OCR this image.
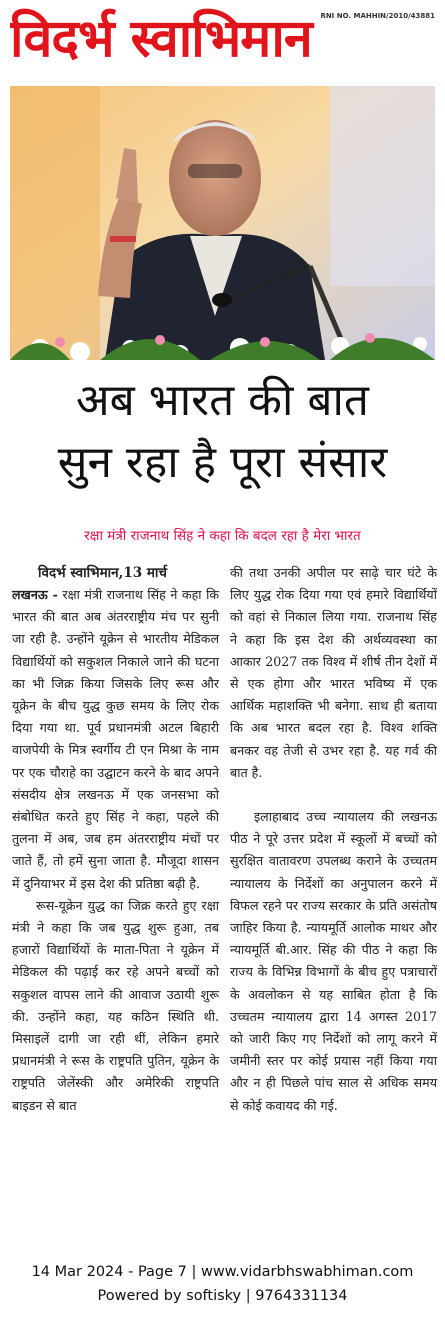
विदर्भ स्वाभिमान	RNI NO. MAHHIN/2010/43881
अब भारत की बात
सुन रहा है पूरा संसार
रक्षा मंत्री राजनाथ सिंह ने कहा कि बदल रहा है मेरा भारत
विदर्भ स्वाभिमान,13 मार्च

लखनऊ - रक्षा मंत्री राजनाथ सिंह ने कहा कि भारत की बात अब अंतरराष्ट्रीय मंच पर सुनी जा रही है. उन्होंने यूक्रेन से भारतीय मेडिकल विद्यार्थियों को सकुशल निकाले जाने की घटना का भी जिक्र किया जिसके लिए रूस और यूक्रेन के बीच युद्ध कुछ समय के लिए रोक दिया गया था. पूर्व प्रधानमंत्री अटल बिहारी वाजपेयी के मित्र स्वर्गीय टी एन मिश्रा के नाम पर एक चौराहे का उद्घाटन करने के बाद अपने संसदीय क्षेत्र लखनऊ में एक जनसभा को संबोधित करते हुए सिंह ने कहा, पहले की तुलना में अब, जब हम अंतरराष्ट्रीय मंचों पर जाते हैं, तो हमें सुना जाता है. मौजूदा शासन में दुनियाभर में इस देश की प्रतिष्ठा बढ़ी है.

रूस-यूक्रेन युद्ध का जिक्र करते हुए रक्षा मंत्री ने कहा कि जब युद्ध शुरू हुआ, तब हजारों विद्यार्थियों के माता-पिता ने यूक्रेन में मेडिकल की पढ़ाई कर रहे अपने बच्चों को सकुशल वापस लाने की आवाज उठायी शुरू की. उन्होंने कहा, यह कठिन स्थिति थी. मिसाइलें दागी जा रही थीं, लेकिन हमारे प्रधानमंत्री ने रूस के राष्ट्रपति पुतिन, यूक्रेन के राष्ट्रपति जेलेंस्की और अमेरिकी राष्ट्रपति बाइडन से बात

की तथा उनकी अपील पर साढ़े चार घंटे के लिए युद्ध रोक दिया गया एवं हमारे विद्यार्थियों को वहां से निकाल लिया गया. राजनाथ सिंह ने कहा कि इस देश की अर्थव्यवस्था का आकार 2027 तक विश्व में शीर्ष तीन देशों में से एक होगा और भारत भविष्य में एक आर्थिक महाशक्ति भी बनेगा. साथ ही बताया कि अब भारत बदल रहा है. विश्व शक्ति बनकर वह तेजी से उभर रहा है. यह गर्व की बात है.

इलाहाबाद उच्च न्यायालय की लखनऊ पीठ ने पूरे उत्तर प्रदेश में स्कूलों में बच्चों को सुरक्षित वातावरण उपलब्ध कराने के उच्चतम न्यायालय के निर्देशों का अनुपालन करने में विफल रहने पर राज्य सरकार के प्रति असंतोष जाहिर किया है. न्यायमूर्ति आलोक माथर और न्यायमूर्ति बी.आर. सिंह की पीठ ने कहा कि राज्य के विभिन्न विभागों के बीच हुए पत्राचारों के अवलोकन से यह साबित होता है कि उच्चतम न्यायालय द्वारा 14 अगस्त 2017 को जारी किए गए निर्देशों को लागू करने में जमीनी स्तर पर कोई प्रयास नहीं किया गया और न ही पिछले पांच साल से अधिक समय से कोई कवायद की गई.

14 Mar 2024 - Page 7 | www.vidarbhswabhiman.com
Powered by softisky | 9764331134
